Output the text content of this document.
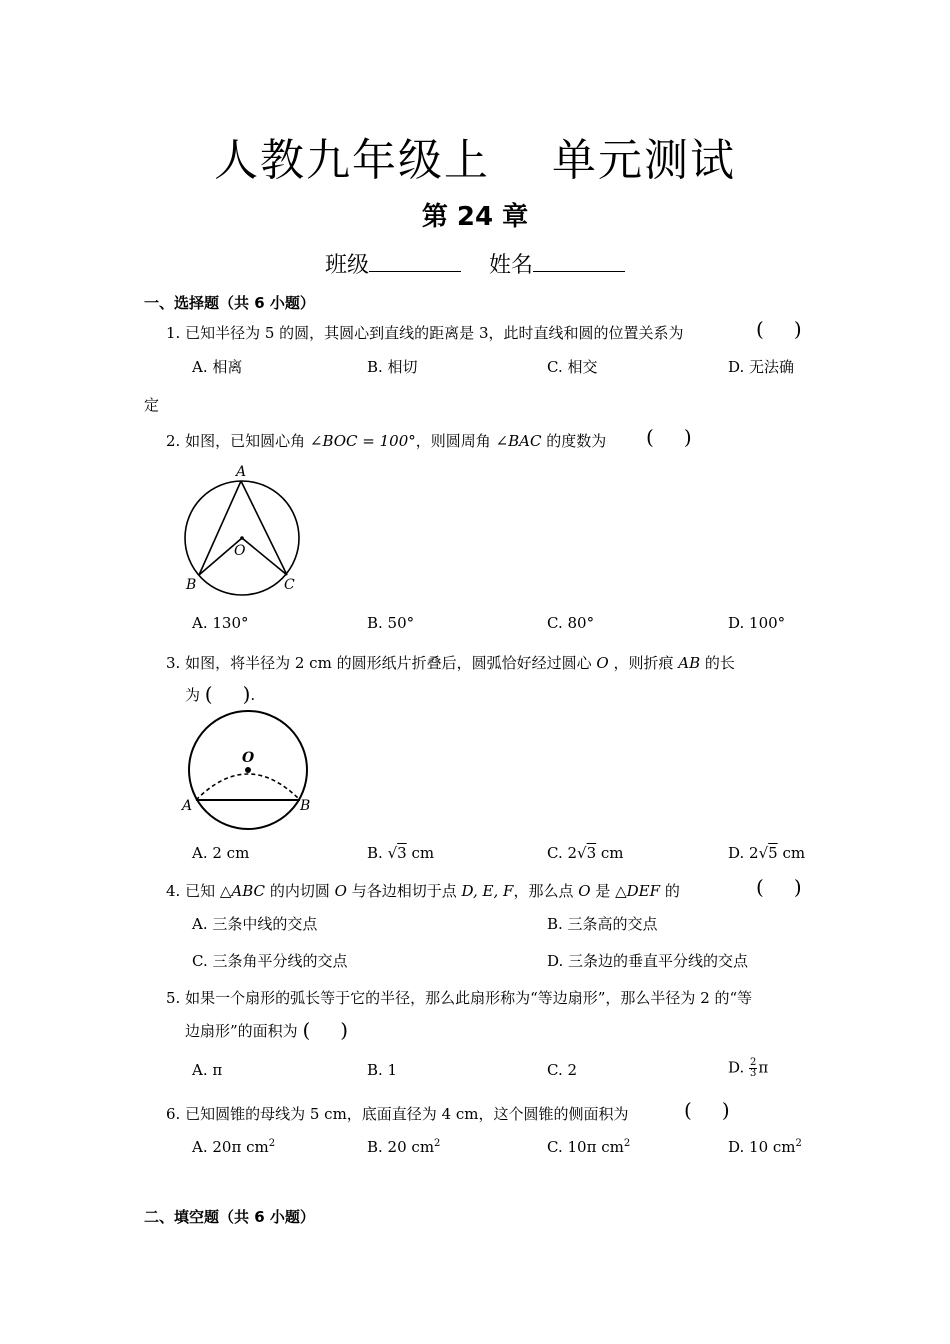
人教九年级上 单元测试
第 24 章
班级	姓名
一、选择题（共 6 小题）
1. 已知半径为 5 的圆，其圆心到直线的距离是 3，此时直线和圆的位置关系为	( )
A. 相离	B. 相切	C. 相交	D. 无法确
定
2. 如图，已知圆心角 ∠BOC = 100°，则圆周角 ∠BAC 的度数为 ( )
A
O
B	C
A. 130°	B. 50°	C. 80°	D. 100°
3. 如图，将半径为 2 cm 的圆形纸片折叠后，圆弧恰好经过圆心 O ，则折痕 AB 的长
为 ( ).
O
A	B
A. 2 cm	B. √3 cm	C. 2√3 cm	D. 2√5 cm
4. 已知 △ABC 的内切圆 O 与各边相切于点 D, E, F，那么点 O 是 △DEF 的	( )
A. 三条中线的交点	B. 三条高的交点
C. 三条角平分线的交点	D. 三条边的垂直平分线的交点
5. 如果一个扇形的弧长等于它的半径，那么此扇形称为“等边扇形”，那么半径为 2 的“等
边扇形”的面积为 ( )
A. π	B. 1	C. 2	D. $\frac{2}{3}$ π
6. 已知圆锥的母线为 5 cm，底面直径为 4 cm，这个圆锥的侧面积为	( )
A. 20π $cm^2$	B. 20 $cm^2$	C. 10π $cm^2$	D. 10 $cm^2$
二、填空题（共 6 小题）
